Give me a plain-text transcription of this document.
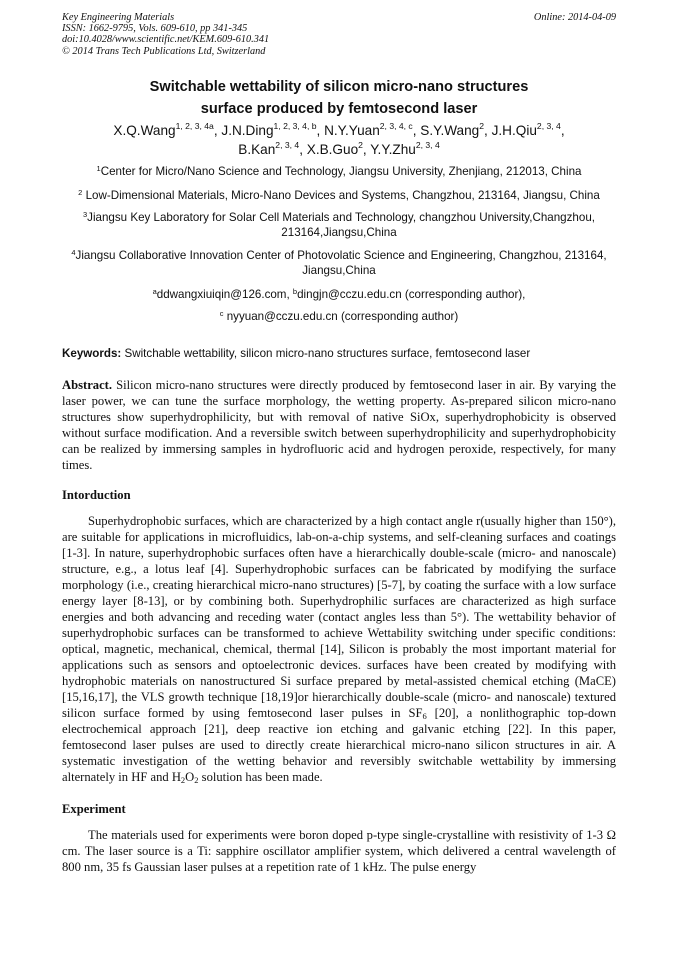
Key Engineering Materials
ISSN: 1662-9795, Vols. 609-610, pp 341-345
doi:10.4028/www.scientific.net/KEM.609-610.341
© 2014 Trans Tech Publications Ltd, Switzerland
Online: 2014-04-09
Switchable wettability of silicon micro-nano structures
surface produced by femtosecond laser
X.Q.Wang$^{1, 2, 3, 4a}$, J.N.Ding$^{1, 2, 3, 4, b}$, N.Y.Yuan$^{2, 3, 4, c}$, S.Y.Wang$^2$, J.H.Qiu$^{2, 3, 4}$,
B.Kan$^{2, 3, 4}$, X.B.Guo$^2$, Y.Y.Zhu$^{2, 3, 4}$
$^1$Center for Micro/Nano Science and Technology, Jiangsu University, Zhenjiang, 212013, China
$^2$ Low-Dimensional Materials, Micro-Nano Devices and Systems, Changzhou, 213164, Jiangsu, China
$^3$Jiangsu Key Laboratory for Solar Cell Materials and Technology, changzhou University,Changzhou, 213164,Jiangsu,China
$^4$Jiangsu Collaborative Innovation Center of Photovolatic Science and Engineering, Changzhou, 213164, Jiangsu,China
$^a$ddwangxiuiqin@126.com, $^b$dingjn@cczu.edu.cn (corresponding author),
$^c$ nyyuan@cczu.edu.cn (corresponding author)
Keywords: Switchable wettability, silicon micro-nano structures surface, femtosecond laser

Abstract. Silicon micro-nano structures were directly produced by femtosecond laser in air. By varying the laser power, we can tune the surface morphology, the wetting property. As-prepared silicon micro-nano structures show superhydrophilicity, but with removal of native SiOx, superhydrophobicity is observed without surface modification. And a reversible switch between superhydrophilicity and superhydrophobicity can be realized by immersing samples in hydrofluoric acid and hydrogen peroxide, respectively, for many times.

Intorduction

Superhydrophobic surfaces, which are characterized by a high contact angle r(usually higher than 150°), are suitable for applications in microfluidics, lab-on-a-chip systems, and self-cleaning surfaces and coatings [1-3]. In nature, superhydrophobic surfaces often have a hierarchically double-scale (micro- and nanoscale) structure, e.g., a lotus leaf [4]. Superhydrophobic surfaces can be fabricated by modifying the surface morphology (i.e., creating hierarchical micro-nano structures) [5-7], by coating the surface with a low surface energy layer [8-13], or by combining both. Superhydrophilic surfaces are characterized as high surface energies and both advancing and receding water (contact angles less than 5°). The wettability behavior of superhydrophobic surfaces can be transformed to achieve Wettability switching under specific conditions: optical, magnetic, mechanical, chemical, thermal [14], Silicon is probably the most important material for applications such as sensors and optoelectronic devices. surfaces have been created by modifying with hydrophobic materials on nanostructured Si surface prepared by metal-assisted chemical etching (MaCE) [15,16,17], the VLS growth technique [18,19]or hierarchically double-scale (micro- and nanoscale) textured silicon surface formed by using femtosecond laser pulses in $SF_6$ [20], a nonlithographic top-down electrochemical approach [21], deep reactive ion etching and galvanic etching [22]. In this paper, femtosecond laser pulses are used to directly create hierarchical micro-nano silicon structures in air. A systematic investigation of the wetting behavior and reversibly switchable wettability by immersing alternately in HF and $H_2O_2$ solution has been made.

Experiment

The materials used for experiments were boron doped p-type single-crystalline with resistivity of 1-3 Ω cm. The laser source is a Ti: sapphire oscillator amplifier system, which delivered a central wavelength of 800 nm, 35 fs Gaussian laser pulses at a repetition rate of 1 kHz. The pulse energy
